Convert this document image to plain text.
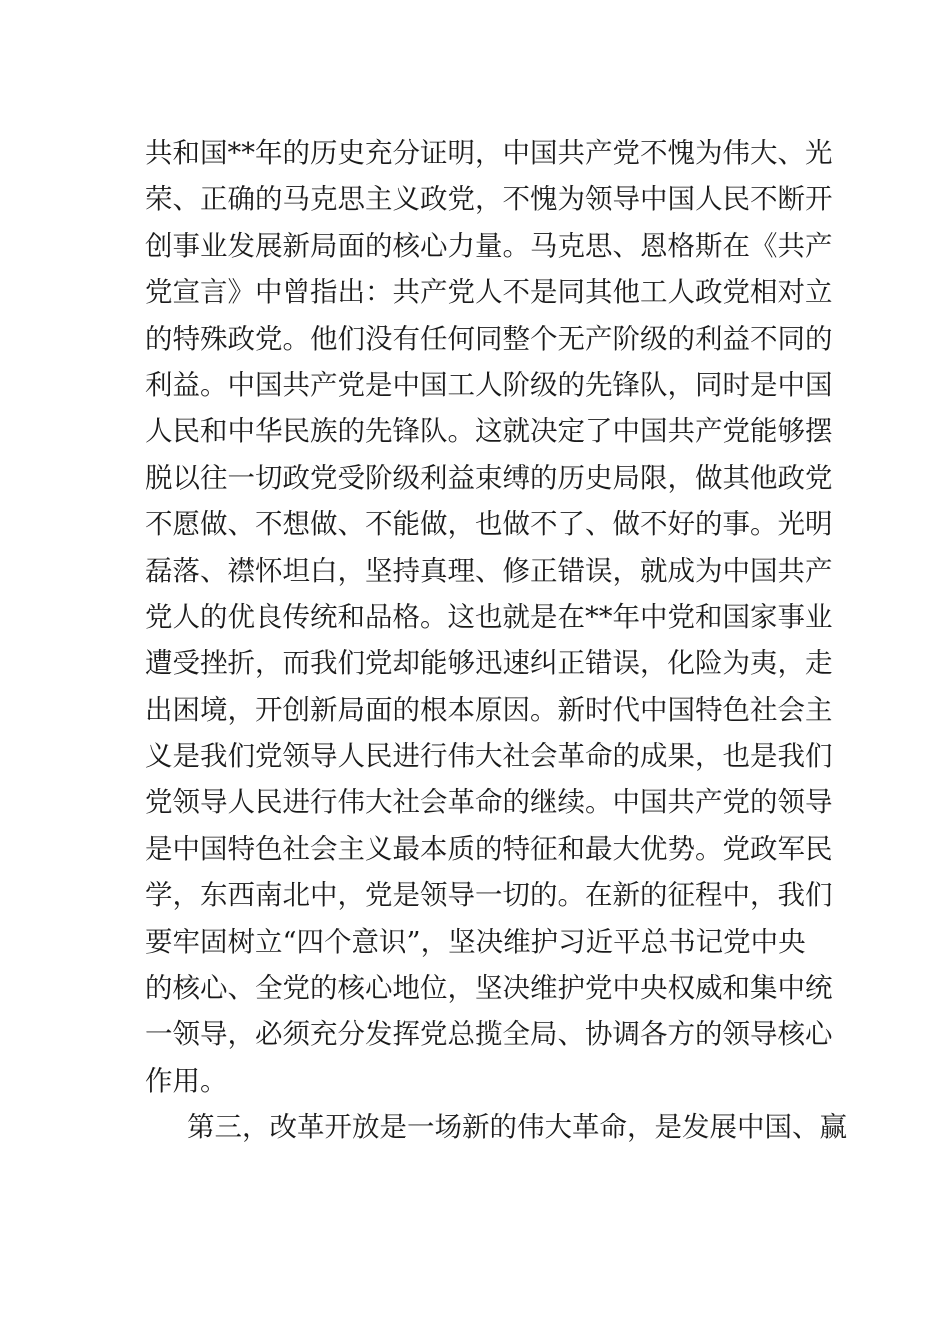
共和国**年的历史充分证明，中国共产党不愧为伟大、光
荣、正确的马克思主义政党，不愧为领导中国人民不断开
创事业发展新局面的核心力量。马克思、恩格斯在《共产
党宣言》中曾指出：共产党人不是同其他工人政党相对立
的特殊政党。他们没有任何同整个无产阶级的利益不同的
利益。中国共产党是中国工人阶级的先锋队，同时是中国
人民和中华民族的先锋队。这就决定了中国共产党能够摆
脱以往一切政党受阶级利益束缚的历史局限，做其他政党
不愿做、不想做、不能做，也做不了、做不好的事。光明
磊落、襟怀坦白，坚持真理、修正错误，就成为中国共产
党人的优良传统和品格。这也就是在**年中党和国家事业
遭受挫折，而我们党却能够迅速纠正错误，化险为夷，走
出困境，开创新局面的根本原因。新时代中国特色社会主
义是我们党领导人民进行伟大社会革命的成果，也是我们
党领导人民进行伟大社会革命的继续。中国共产党的领导
是中国特色社会主义最本质的特征和最大优势。党政军民
学，东西南北中，党是领导一切的。在新的征程中，我们
要牢固树立“四个意识”，坚决维护习近平总书记党中央
的核心、全党的核心地位，坚决维护党中央权威和集中统
一领导，必须充分发挥党总揽全局、协调各方的领导核心
作用。
第三，改革开放是一场新的伟大革命，是发展中国、赢
